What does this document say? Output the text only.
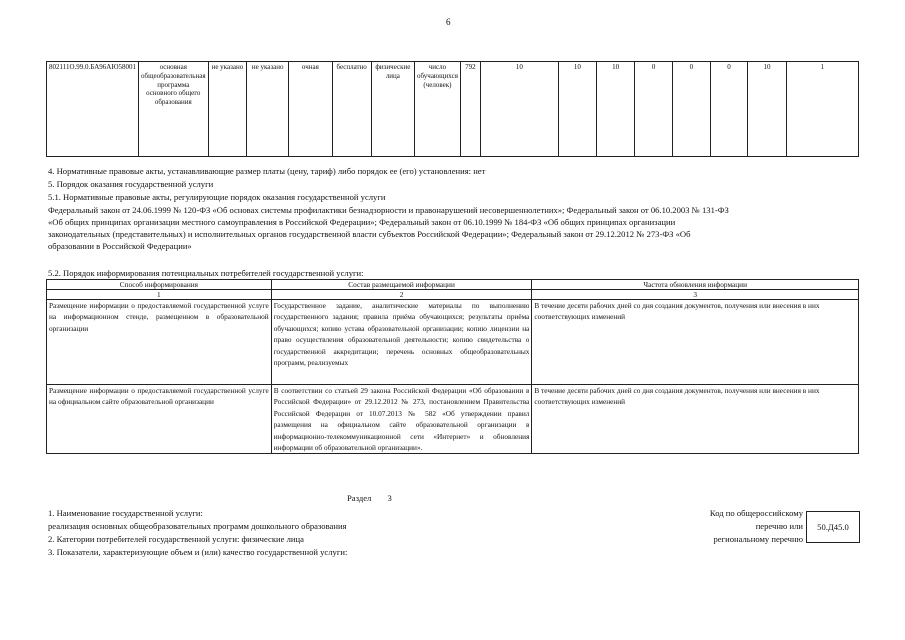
6
802111О.99.0.БА96АЮ58001	основная общеобразовательная программа основного общего образования	не указано	не указано	очная	бесплатно	физические лица	число обучающихся (человек)	792	10	10	10	0	0	0	10	1
4. Нормативные правовые акты, устанавливающие размер платы (цену, тариф) либо порядок ее (его) установления: нет
5. Порядок оказания государственной услуги
5.1. Нормативные правовые акты, регулирующие порядок оказания государственной услуги
Федеральный закон от 24.06.1999 № 120-ФЗ «Об основах системы профилактики безнадзорности и правонарушений несовершеннолетних»; Федеральный закон от 06.10.2003 № 131-ФЗ
«Об общих принципах организации местного самоуправления в Российской Федерации»; Федеральный закон от 06.10.1999 № 184-ФЗ «Об общих принципах организации
законодательных (представительных) и исполнительных органов государственной власти субъектов Российской Федерации»; Федеральный закон от 29.12.2012 № 273-ФЗ «Об
образовании в Российской Федерации»
5.2. Порядок информирования потенциальных потребителей государственной услуги:
Способ информирования	Состав размещаемой информации	Частота обновления информации
1	2	3

Размещение информации о предоставляемой государственной услуге на информационном стенде, размещенном в образовательной организации	Государственное задание, аналитические материалы по выполнению государственного задания; правила приёма обучающихся; результаты приёма обучающихся; копию устава образовательной организации; копию лицензии на право осуществления образовательной деятельности; копию свидетельства о государственной аккредитации; перечень основных общеобразовательных программ, реализуемых	В течение десяти рабочих дней со дня создания документов, получения или внесения в них соответствующих изменений

Размещение информации о предоставляемой государственной услуге на официальном сайте образовательной организации	В соответствии со статьей 29 закона Российской Федерации «Об образовании в Российской Федерации» от 29.12.2012 № 273, постановлением Правительства Российской Федерации от 10.07.2013 № 582 «Об утверждении правил размещения на официальном сайте образовательной организации в информационно-телекоммуникационной сети «Интернет» и обновления информации об образовательной организации».	В течение десяти рабочих дней со дня создания документов, получения или внесения в них соответствующих изменений
Раздел 3
1. Наименование государственной услуги:
реализация основных общеобразовательных программ дошкольного образования
2. Категории потребителей государственной услуги: физические лица
3. Показатели, характеризующие объем и (или) качество государственной услуги:
Код по общероссийскому
перечню или
региональному перечню
50.Д45.0
